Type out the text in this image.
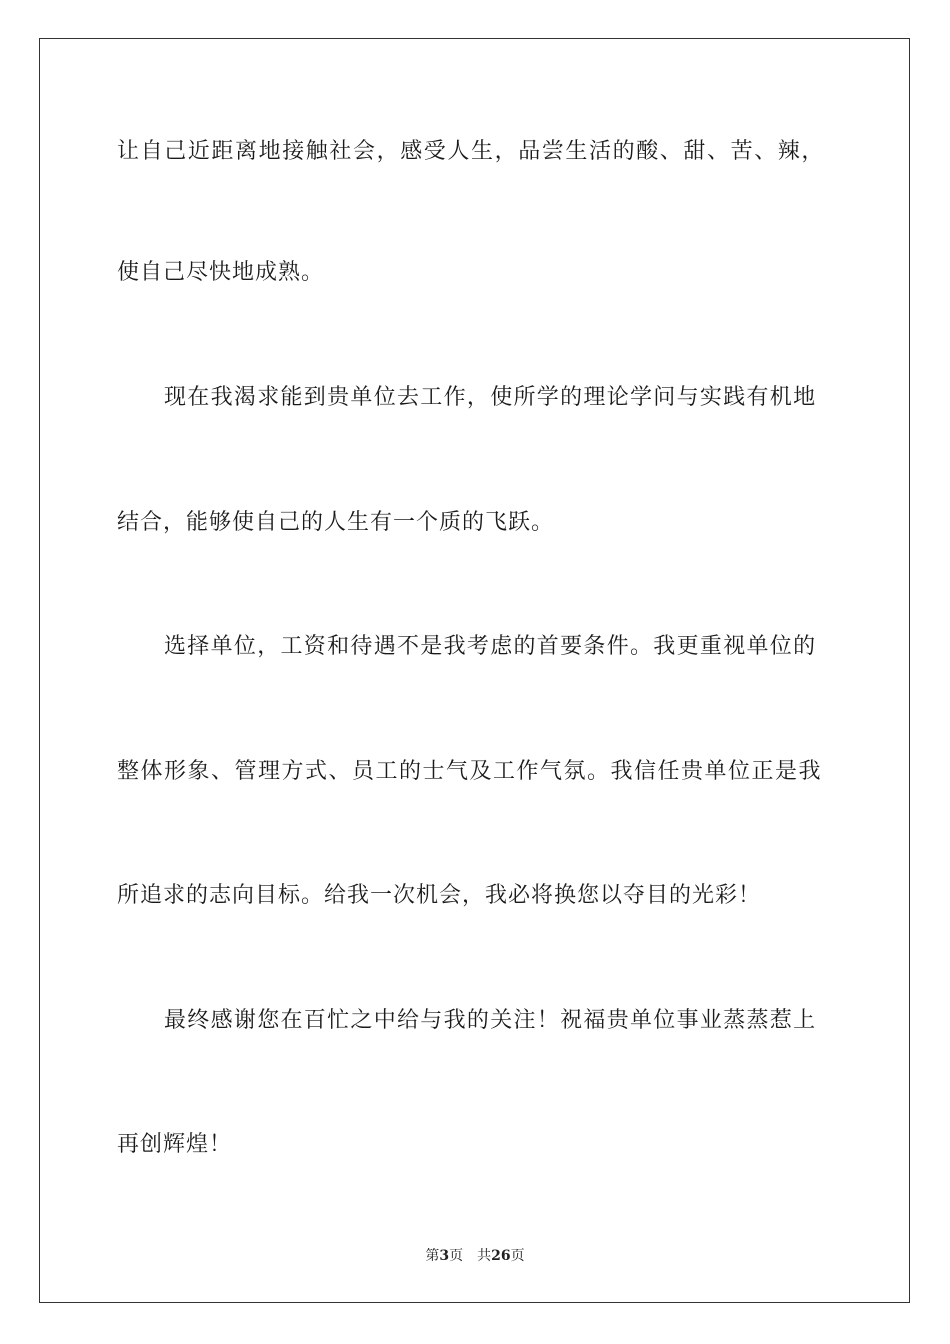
让自己近距离地接触社会，感受人生，品尝生活的酸、甜、苦、辣，
使自己尽快地成熟。
现在我渴求能到贵单位去工作，使所学的理论学问与实践有机地
结合，能够使自己的人生有一个质的飞跃。
选择单位，工资和待遇不是我考虑的首要条件。我更重视单位的
整体形象、管理方式、员工的士气及工作气氛。我信任贵单位正是我
所追求的志向目标。给我一次机会，我必将换您以夺目的光彩！
最终感谢您在百忙之中给与我的关注！祝福贵单位事业蒸蒸惹上
再创辉煌！
第3页 共26页
